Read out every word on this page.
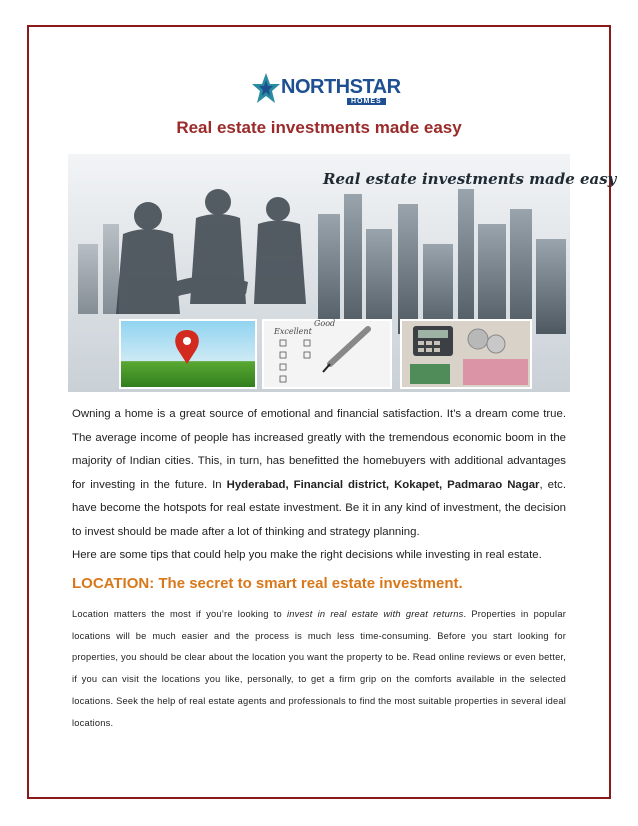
NORTHSTAR
HOMES
Real estate investments made easy
Real estate investments made easy
Excellent
Good
Owning a home is a great source of emotional and financial satisfaction. It’s a dream come true. The average income of people has increased greatly with the tremendous economic boom in the majority of Indian cities. This, in turn, has benefitted the homebuyers with additional advantages for investing in the future. In Hyderabad, Financial district, Kokapet, Padmarao Nagar, etc. have become the hotspots for real estate investment. Be it in any kind of investment, the decision to invest should be made after a lot of thinking and strategy planning.
Here are some tips that could help you make the right decisions while investing in real estate.
LOCATION: The secret to smart real estate investment.
Location matters the most if you’re looking to invest in real estate with great returns. Properties in popular locations will be much easier and the process is much less time-consuming. Before you start looking for properties, you should be clear about the location you want the property to be. Read online reviews or even better, if you can visit the locations you like, personally, to get a firm grip on the comforts available in the selected locations. Seek the help of real estate agents and professionals to find the most suitable properties in several ideal locations.
